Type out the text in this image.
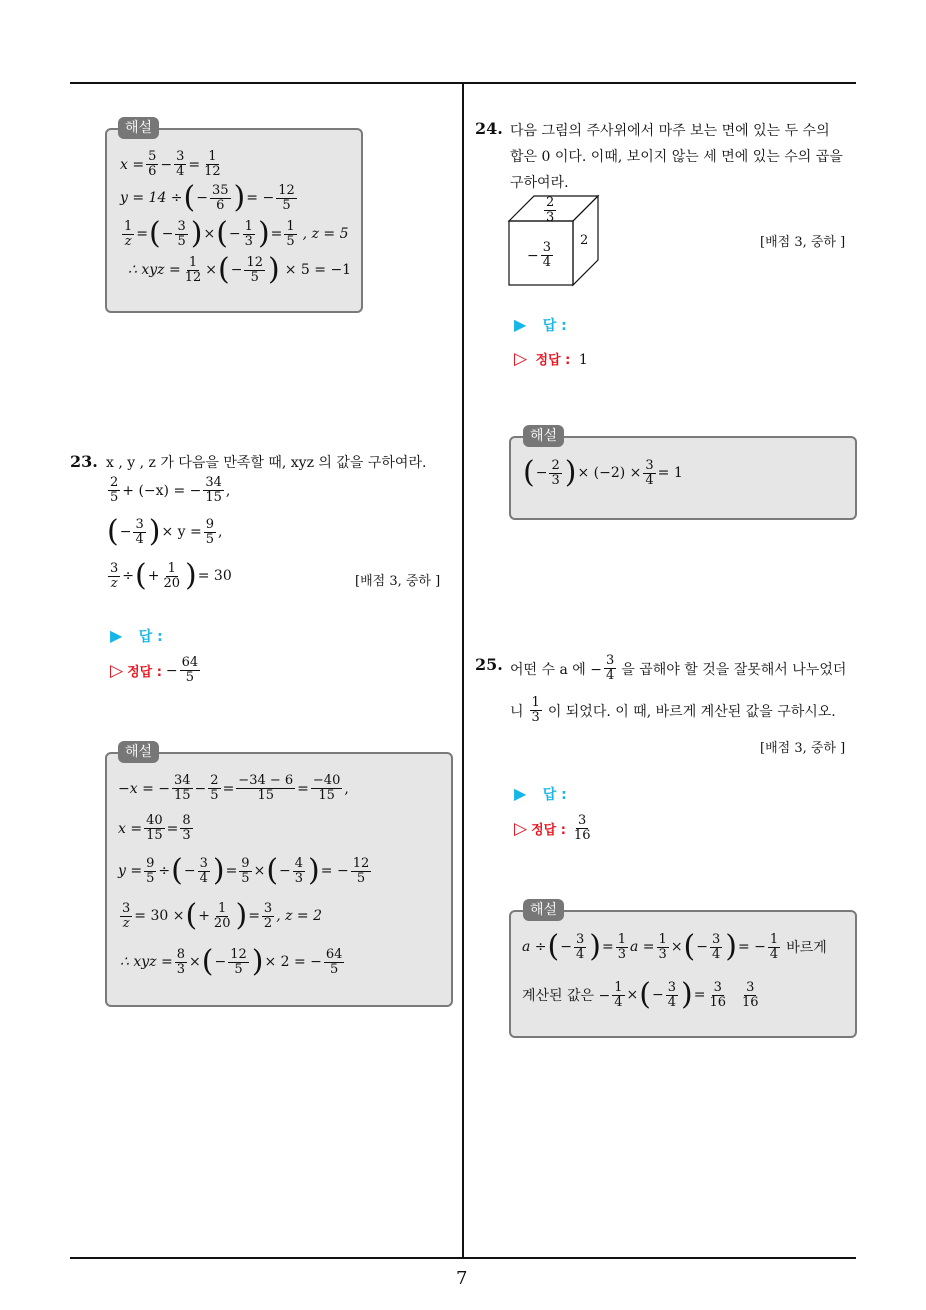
7
해설
$x = \frac{5}{6} - \frac{3}{4} = \frac{1}{12}$
y = 14 ÷ ( − $\frac{35}{6}$ ) = − $\frac{12}{5}$
$\frac{1}{z}$ = ( − $\frac{3}{5}$ ) × ( − $\frac{1}{3}$ ) = $\frac{1}{5}$ , z = 5
∴ xyz = $\frac{1}{12}$ × ( − $\frac{12}{5}$ ) × 5 = −1
23. x , y , z 가 다음을 만족할 때, xyz 의 값을 구하여라.
$\frac{2}{5} + (-x)$ = − $\frac{34}{15}$ ,
( − $\frac{3}{4}$ ) × $y = \frac{9}{5}$ ,
$\frac{3}{z}$ ÷ ( + $\frac{1}{20}$ ) = 30	[배점 3, 중하 ]
▶ 답 :
▷ 정답 : − $\frac{64}{5}$
해설
−x = − $\frac{34}{15} - \frac{2}{5} = \frac{-34 - 6}{15} = \frac{-40}{15}$ ,
$x = \frac{40}{15} = \frac{8}{3}$
$y = \frac{9}{5}$ ÷ ( − $\frac{3}{4}$ ) = $\frac{9}{5}$ × ( − $\frac{4}{3}$ ) = − $\frac{12}{5}$
$\frac{3}{z} = 30$ × ( + $\frac{1}{20}$ ) = $\frac{3}{2}$ , z = 2
∴ xyz = $\frac{8}{3}$ × ( − $\frac{12}{5}$ ) × 2 = − $\frac{64}{5}$
24. 다음 그림의 주사위에서 마주 보는 면에 있는 두 수의
합은 0 이다. 이때, 보이지 않는 세 면에 있는 수의 곱을
구하여라.
$\frac{2}{3}$
− $\frac{3}{4}$
2	[배점 3, 중하 ]
▶ 답 :
▷ 정답 : 1
해설
( − $\frac{2}{3}$ ) × $(-2) \times \frac{3}{4} = 1$
25. 어떤 수 a 에 − $\frac{3}{4}$ 을 곱해야 할 것을 잘못해서 나누었더
니 $\frac{1}{3}$ 이 되었다. 이 때, 바르게 계산된 값을 구하시오.
[배점 3, 중하 ]
▶ 답 :
▷ 정답 : $\frac{3}{16}$
해설
a ÷ ( − $\frac{3}{4}$ ) = $\frac{1}{3}$ $a = \frac{1}{3}$ × ( − $\frac{3}{4}$ ) = − $\frac{1}{4}$ 바르게
계산된 값은 − $\frac{1}{4}$ × ( − $\frac{3}{4}$ ) = $\frac{3}{16} \frac{3}{16}$
